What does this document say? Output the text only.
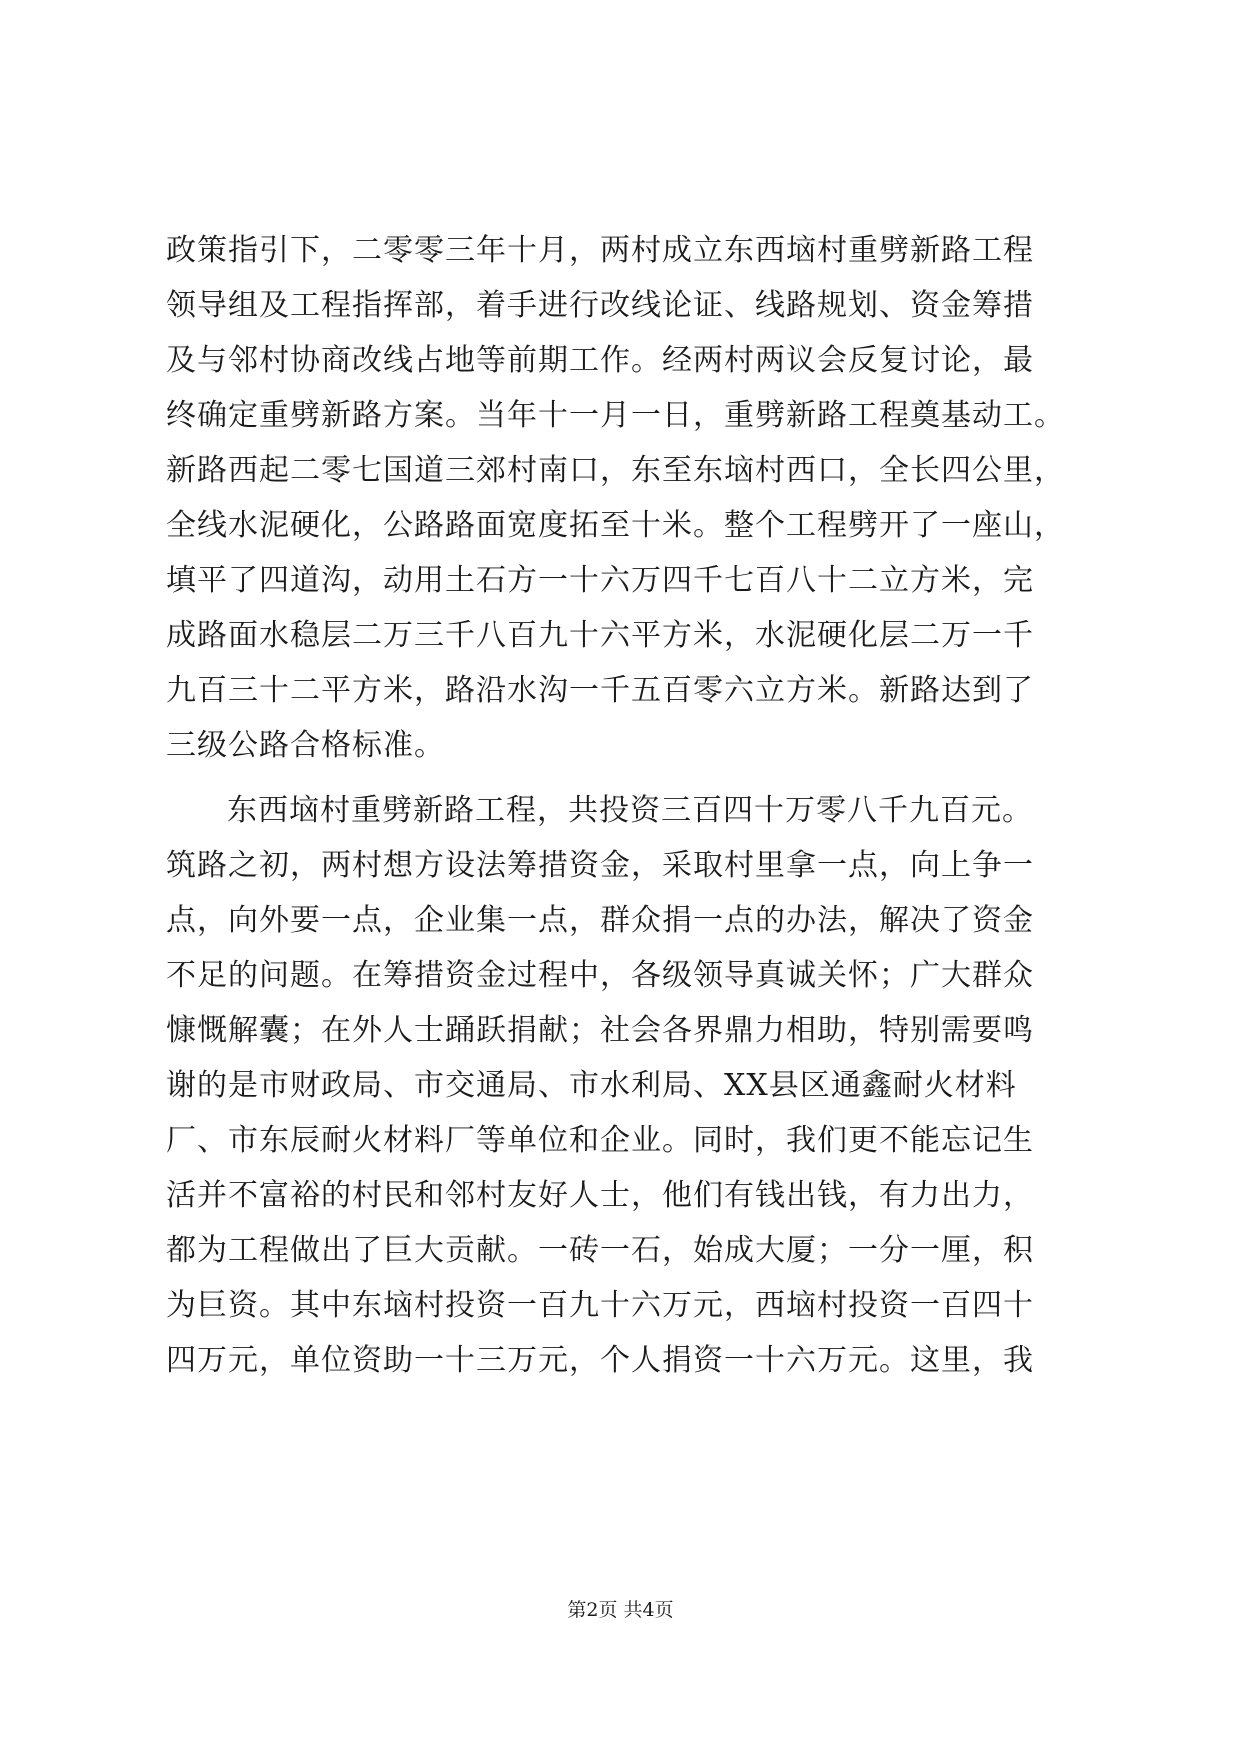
政策指引下，二零零三年十月，两村成立东西垴村重劈新路工程
领导组及工程指挥部，着手进行改线论证、线路规划、资金筹措
及与邻村协商改线占地等前期工作。经两村两议会反复讨论，最
终确定重劈新路方案。当年十一月一日，重劈新路工程奠基动工。
新路西起二零七国道三郊村南口，东至东垴村西口，全长四公里，
全线水泥硬化，公路路面宽度拓至十米。整个工程劈开了一座山，
填平了四道沟，动用土石方一十六万四千七百八十二立方米，完
成路面水稳层二万三千八百九十六平方米，水泥硬化层二万一千
九百三十二平方米，路沿水沟一千五百零六立方米。新路达到了
三级公路合格标准。
东西垴村重劈新路工程，共投资三百四十万零八千九百元。
筑路之初，两村想方设法筹措资金，采取村里拿一点，向上争一
点，向外要一点，企业集一点，群众捐一点的办法，解决了资金
不足的问题。在筹措资金过程中，各级领导真诚关怀；广大群众
慷慨解囊；在外人士踊跃捐献；社会各界鼎力相助，特别需要鸣
谢的是市财政局、市交通局、市水利局、XX县区通鑫耐火材料
厂、市东辰耐火材料厂等单位和企业。同时，我们更不能忘记生
活并不富裕的村民和邻村友好人士，他们有钱出钱，有力出力，
都为工程做出了巨大贡献。一砖一石，始成大厦；一分一厘，积
为巨资。其中东垴村投资一百九十六万元，西垴村投资一百四十
四万元，单位资助一十三万元，个人捐资一十六万元。这里，我
第2页 共4页
